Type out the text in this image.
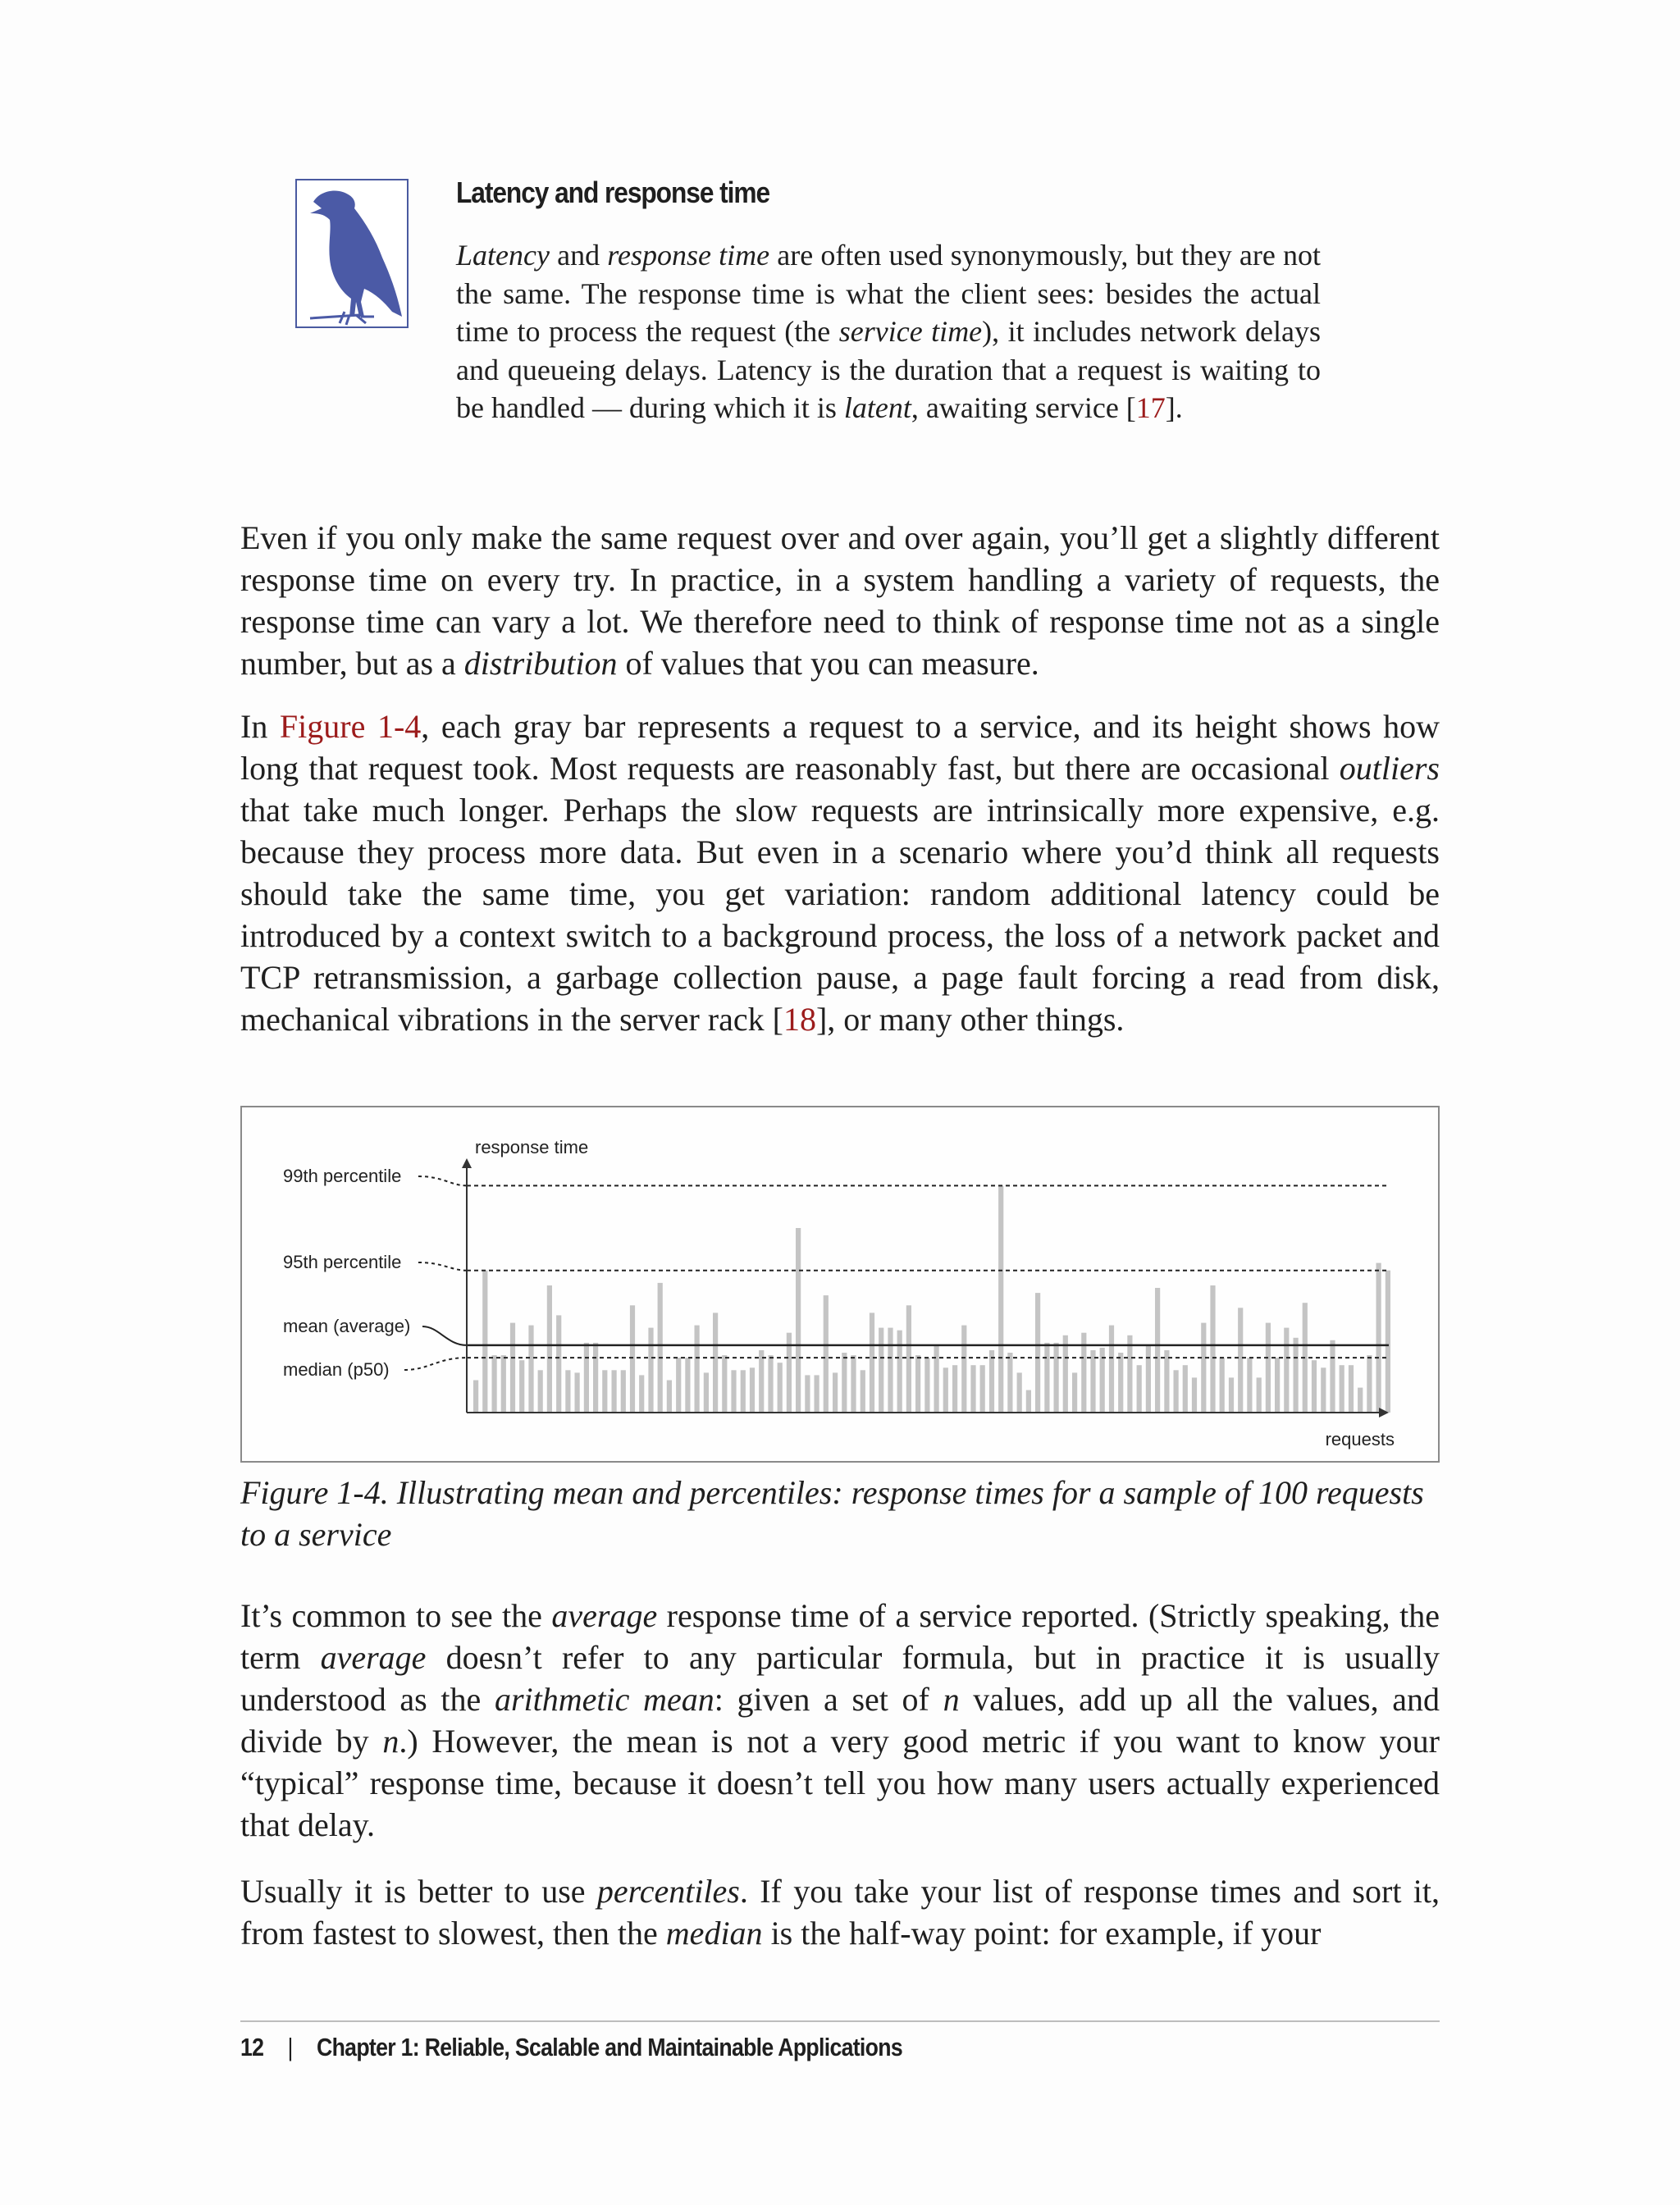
Latency and response time
Latency and response time are often used synonymously, but they are not the same. The response time is what the client sees: besides the actual time to process the request (the service time), it includes network delays and queueing delays. Latency is the duration that a request is waiting to be handled — during which it is latent, awaiting service [17].

Even if you only make the same request over and over again, you’ll get a slightly different response time on every try. In practice, in a system handling a variety of requests, the response time can vary a lot. We therefore need to think of response time not as a single number, but as a distribution of values that you can measure.

In Figure 1-4, each gray bar represents a request to a service, and its height shows how long that request took. Most requests are reasonably fast, but there are occasional outliers that take much longer. Perhaps the slow requests are intrinsically more expensive, e.g. because they process more data. But even in a scenario where you’d think all requests should take the same time, you get variation: random additional latency could be introduced by a context switch to a background process, the loss of a network packet and TCP retransmission, a garbage collection pause, a page fault forcing a read from disk, mechanical vibrations in the server rack [18], or many other things.

response time
requests
99th percentile
95th percentile
mean (average)
median (p50)
Figure 1-4. Illustrating mean and percentiles: response times for a sample of 100 requests to a service

It’s common to see the average response time of a service reported. (Strictly speaking, the term average doesn’t refer to any particular formula, but in practice it is usually understood as the arithmetic mean: given a set of n values, add up all the values, and divide by n.) However, the mean is not a very good metric if you want to know your “typical” response time, because it doesn’t tell you how many users actually experienced that delay.

Usually it is better to use percentiles. If you take your list of response times and sort it, from fastest to slowest, then the median is the half-way point: for example, if your

12 | Chapter 1: Reliable, Scalable and Maintainable Applications
